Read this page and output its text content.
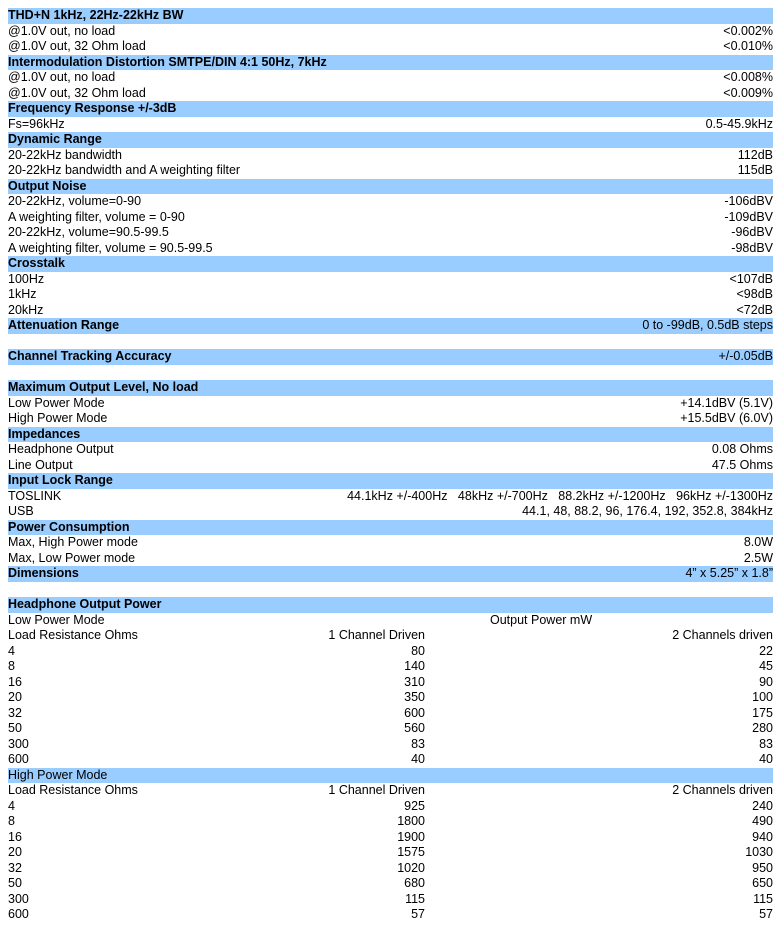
THD+N 1kHz, 22Hz-22kHz BW
@1.0V out, no load	<0.002%
@1.0V out, 32 Ohm load	<0.010%
Intermodulation Distortion SMTPE/DIN 4:1 50Hz, 7kHz
@1.0V out, no load	<0.008%
@1.0V out, 32 Ohm load	<0.009%
Frequency Response +/-3dB
Fs=96kHz	0.5-45.9kHz
Dynamic Range
20-22kHz bandwidth	112dB
20-22kHz bandwidth and A weighting filter	115dB
Output Noise
20-22kHz, volume=0-90	-106dBV
A weighting filter, volume = 0-90	-109dBV
20-22kHz, volume=90.5-99.5	-96dBV
A weighting filter, volume = 90.5-99.5	-98dBV
Crosstalk
100Hz	<107dB
1kHz	<98dB
20kHz	<72dB
Attenuation Range	0 to -99dB, 0.5dB steps
Channel Tracking Accuracy	+/-0.05dB
Maximum Output Level, No load
Low Power Mode	+14.1dBV (5.1V)
High Power Mode	+15.5dBV (6.0V)
Impedances
Headphone Output	0.08 Ohms
Line Output	47.5 Ohms
Input Lock Range
TOSLINK	44.1kHz +/-400Hz   48kHz +/-700Hz   88.2kHz +/-1200Hz   96kHz +/-1300Hz
USB	44.1, 48, 88.2, 96, 176.4, 192, 352.8, 384kHz
Power Consumption
Max, High Power mode	8.0W
Max, Low Power mode	2.5W
Dimensions	4” x 5.25” x 1.8”
Headphone Output Power
Low Power Mode	Output Power mW
Load Resistance Ohms	1 Channel Driven	2 Channels driven
4	80	22
8	140	45
16	310	90
20	350	100
32	600	175
50	560	280
300	83	83
600	40	40
High Power Mode
Load Resistance Ohms	1 Channel Driven	2 Channels driven
4	925	240
8	1800	490
16	1900	940
20	1575	1030
32	1020	950
50	680	650
300	115	115
600	57	57
